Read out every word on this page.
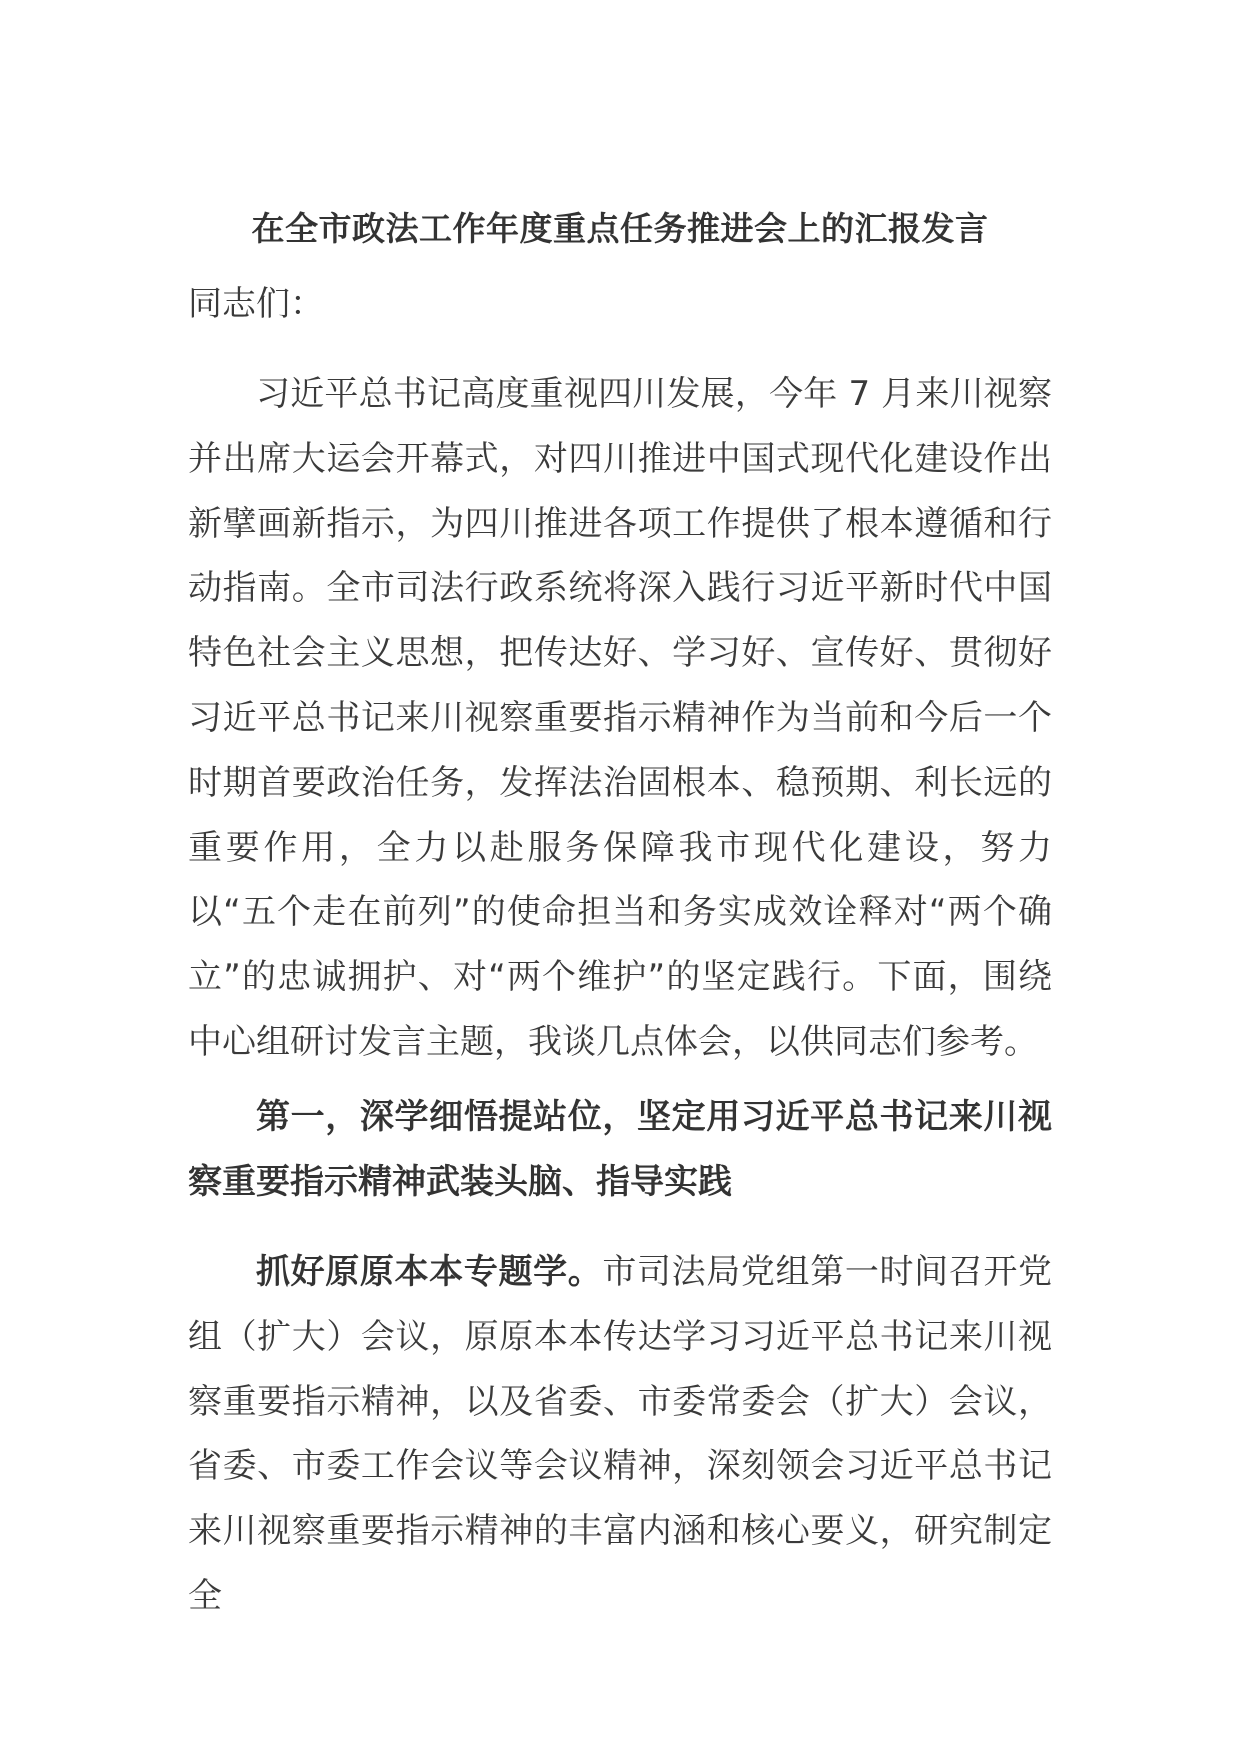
在全市政法工作年度重点任务推进会上的汇报发言
同志们：

习近平总书记高度重视四川发展，今年 7 月来川视察并出席大运会开幕式，对四川推进中国式现代化建设作出新擘画新指示，为四川推进各项工作提供了根本遵循和行动指南。全市司法行政系统将深入践行习近平新时代中国特色社会主义思想，把传达好、学习好、宣传好、贯彻好习近平总书记来川视察重要指示精神作为当前和今后一个时期首要政治任务，发挥法治固根本、稳预期、利长远的重要作用，全力以赴服务保障我市现代化建设，努力以“五个走在前列”的使命担当和务实成效诠释对“两个确立”的忠诚拥护、对“两个维护”的坚定践行。下面，围绕中心组研讨发言主题，我谈几点体会，以供同志们参考。

第一，深学细悟提站位，坚定用习近平总书记来川视察重要指示精神武装头脑、指导实践

抓好原原本本专题学。市司法局党组第一时间召开党组（扩大）会议，原原本本传达学习习近平总书记来川视察重要指示精神，以及省委、市委常委会（扩大）会议，省委、市委工作会议等会议精神，深刻领会习近平总书记来川视察重要指示精神的丰富内涵和核心要义，研究制定全
